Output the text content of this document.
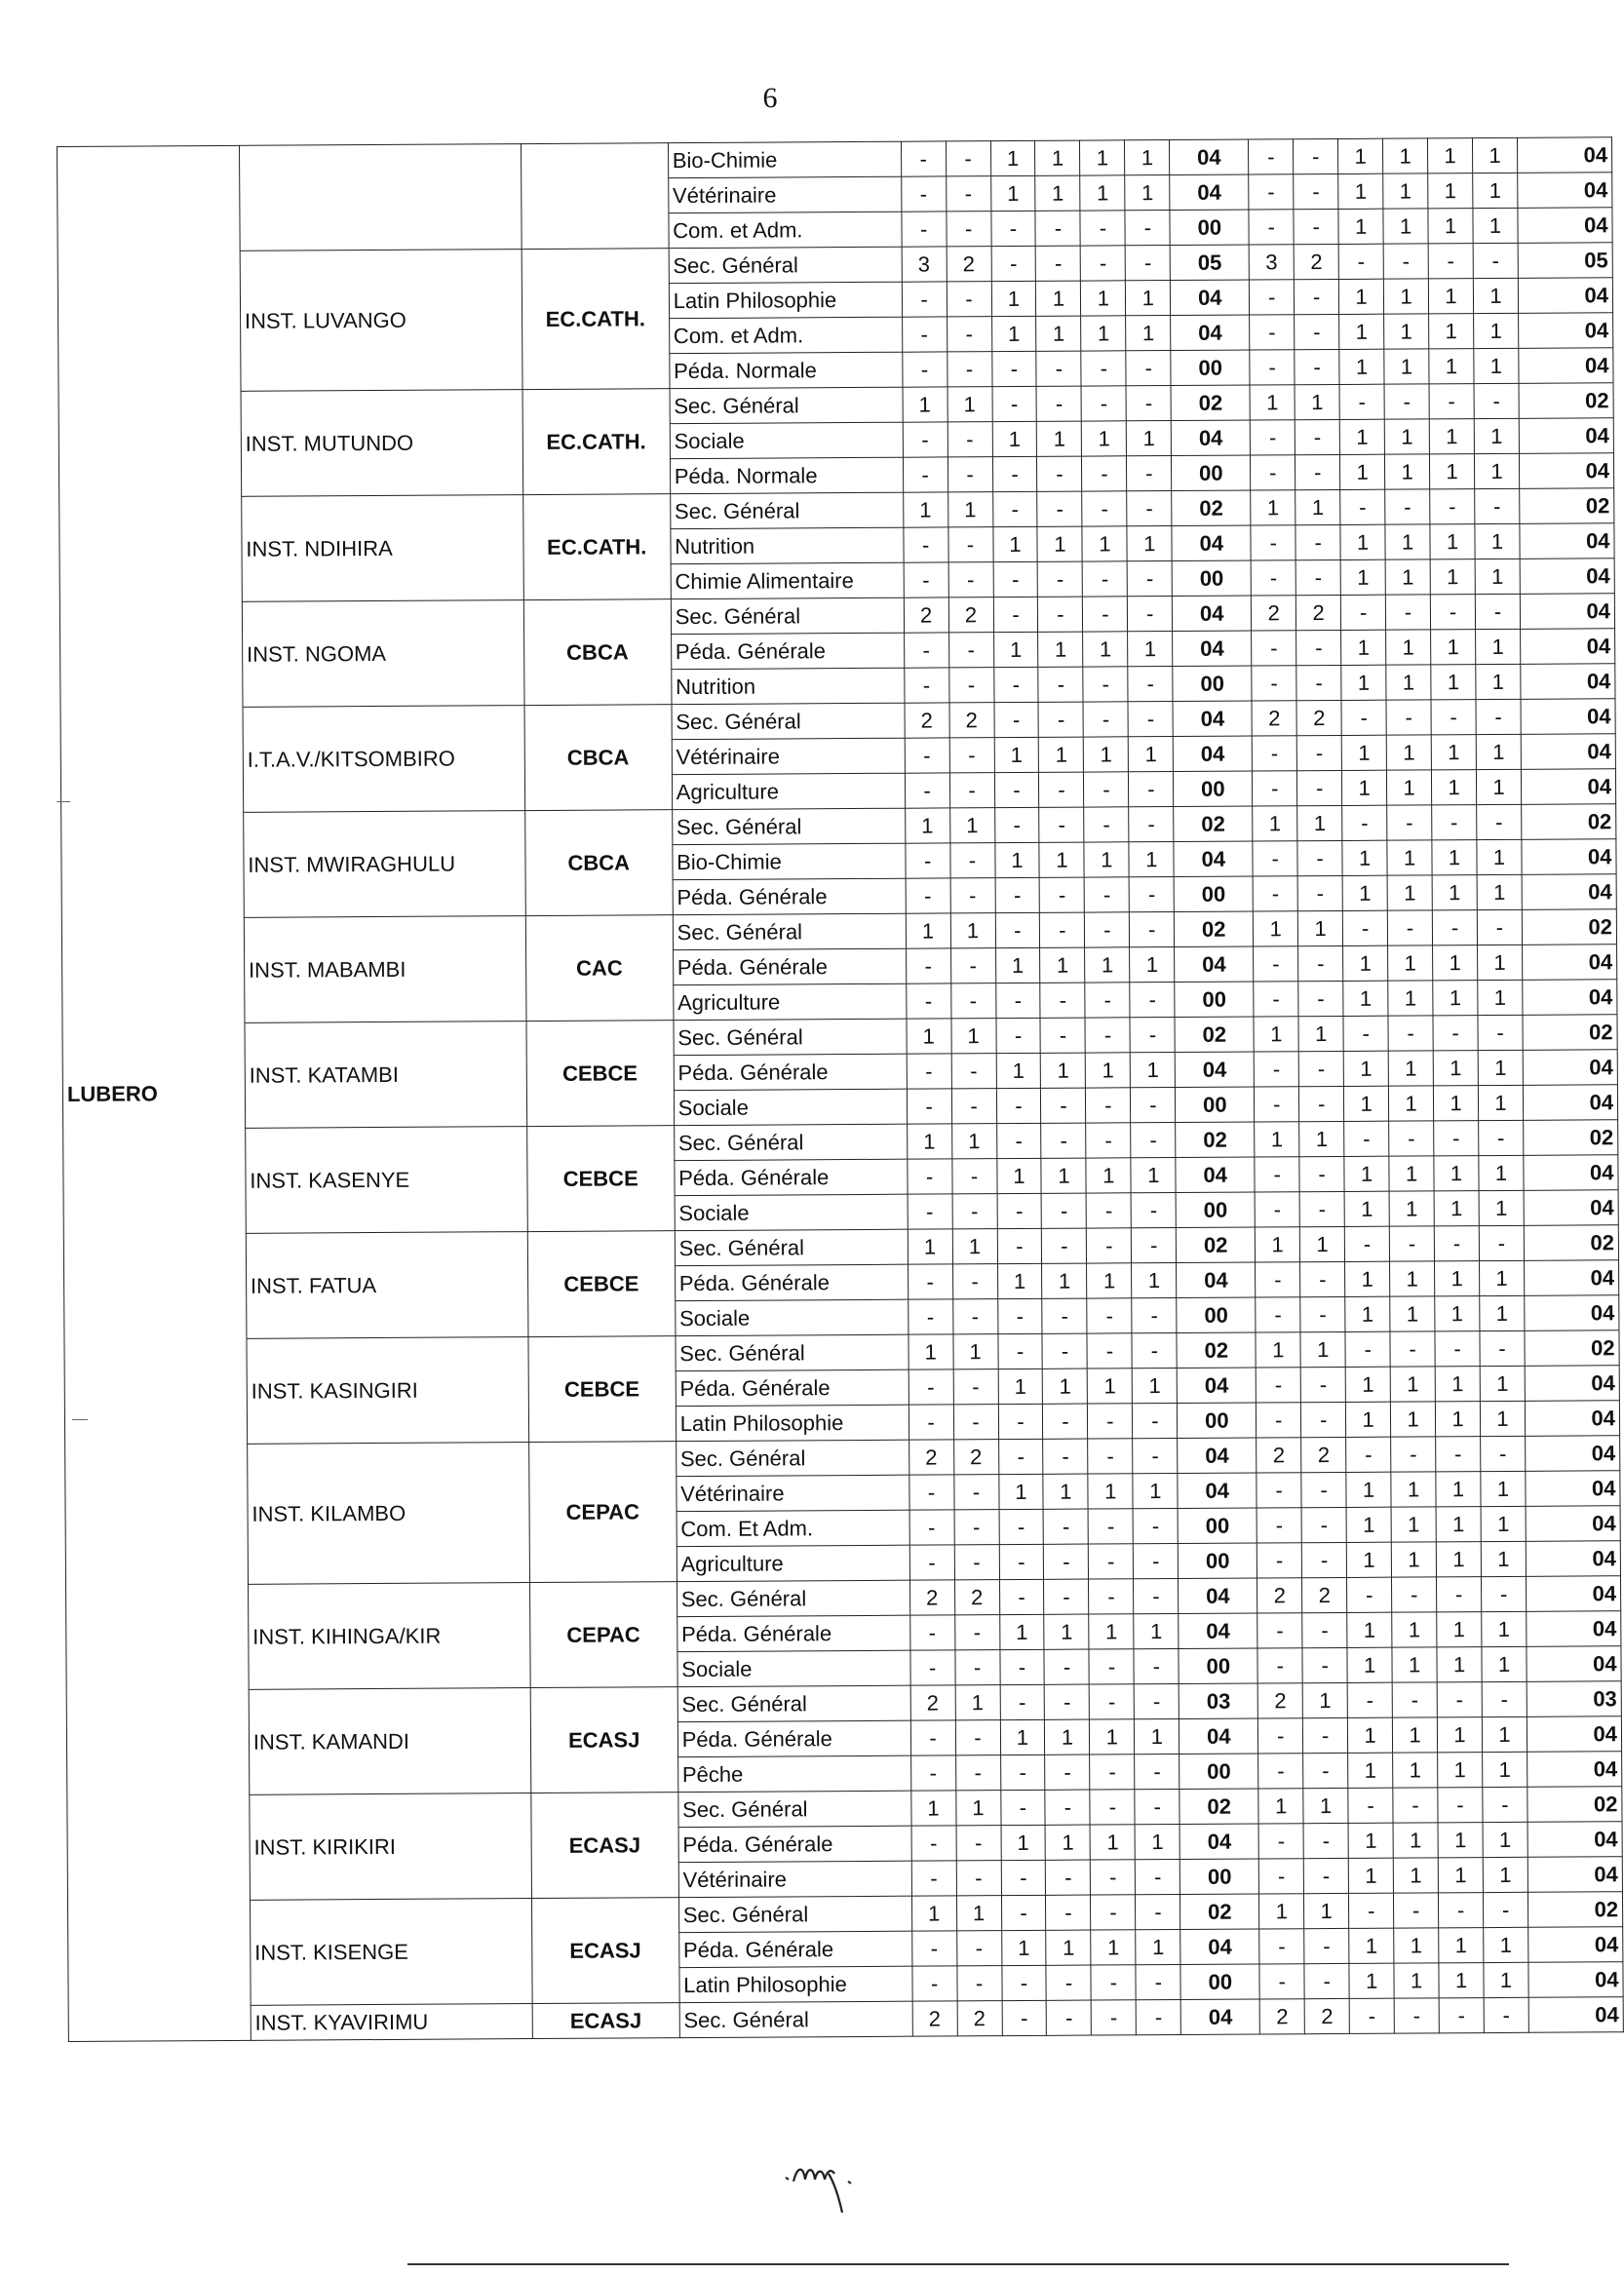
6
LUBERO			Bio-Chimie	-	-	1	1	1	1	04	-	-	1	1	1	1	04
			Vétérinaire	-	-	1	1	1	1	04	-	-	1	1	1	1	04
			Com. et Adm.	-	-	-	-	-	-	00	-	-	1	1	1	1	04
	INST. LUVANGO	EC.CATH.	Sec. Général	3	2	-	-	-	-	05	3	2	-	-	-	-	05
			Latin Philosophie	-	-	1	1	1	1	04	-	-	1	1	1	1	04
			Com. et Adm.	-	-	1	1	1	1	04	-	-	1	1	1	1	04
			Péda. Normale	-	-	-	-	-	-	00	-	-	1	1	1	1	04
	INST. MUTUNDO	EC.CATH.	Sec. Général	1	1	-	-	-	-	02	1	1	-	-	-	-	02
			Sociale	-	-	1	1	1	1	04	-	-	1	1	1	1	04
			Péda. Normale	-	-	-	-	-	-	00	-	-	1	1	1	1	04
	INST. NDIHIRA	EC.CATH.	Sec. Général	1	1	-	-	-	-	02	1	1	-	-	-	-	02
			Nutrition	-	-	1	1	1	1	04	-	-	1	1	1	1	04
			Chimie Alimentaire	-	-	-	-	-	-	00	-	-	1	1	1	1	04
	INST. NGOMA	CBCA	Sec. Général	2	2	-	-	-	-	04	2	2	-	-	-	-	04
			Péda. Générale	-	-	1	1	1	1	04	-	-	1	1	1	1	04
			Nutrition	-	-	-	-	-	-	00	-	-	1	1	1	1	04
	I.T.A.V./KITSOMBIRO	CBCA	Sec. Général	2	2	-	-	-	-	04	2	2	-	-	-	-	04
			Vétérinaire	-	-	1	1	1	1	04	-	-	1	1	1	1	04
			Agriculture	-	-	-	-	-	-	00	-	-	1	1	1	1	04
	INST. MWIRAGHULU	CBCA	Sec. Général	1	1	-	-	-	-	02	1	1	-	-	-	-	02
			Bio-Chimie	-	-	1	1	1	1	04	-	-	1	1	1	1	04
			Péda. Générale	-	-	-	-	-	-	00	-	-	1	1	1	1	04
	INST. MABAMBI	CAC	Sec. Général	1	1	-	-	-	-	02	1	1	-	-	-	-	02
			Péda. Générale	-	-	1	1	1	1	04	-	-	1	1	1	1	04
			Agriculture	-	-	-	-	-	-	00	-	-	1	1	1	1	04
	INST. KATAMBI	CEBCE	Sec. Général	1	1	-	-	-	-	02	1	1	-	-	-	-	02
			Péda. Générale	-	-	1	1	1	1	04	-	-	1	1	1	1	04
			Sociale	-	-	-	-	-	-	00	-	-	1	1	1	1	04
	INST. KASENYE	CEBCE	Sec. Général	1	1	-	-	-	-	02	1	1	-	-	-	-	02
			Péda. Générale	-	-	1	1	1	1	04	-	-	1	1	1	1	04
			Sociale	-	-	-	-	-	-	00	-	-	1	1	1	1	04
	INST. FATUA	CEBCE	Sec. Général	1	1	-	-	-	-	02	1	1	-	-	-	-	02
			Péda. Générale	-	-	1	1	1	1	04	-	-	1	1	1	1	04
			Sociale	-	-	-	-	-	-	00	-	-	1	1	1	1	04
	INST. KASINGIRI	CEBCE	Sec. Général	1	1	-	-	-	-	02	1	1	-	-	-	-	02
			Péda. Générale	-	-	1	1	1	1	04	-	-	1	1	1	1	04
			Latin Philosophie	-	-	-	-	-	-	00	-	-	1	1	1	1	04
	INST. KILAMBO	CEPAC	Sec. Général	2	2	-	-	-	-	04	2	2	-	-	-	-	04
			Vétérinaire	-	-	1	1	1	1	04	-	-	1	1	1	1	04
			Com. Et Adm.	-	-	-	-	-	-	00	-	-	1	1	1	1	04
			Agriculture	-	-	-	-	-	-	00	-	-	1	1	1	1	04
	INST. KIHINGA/KIR	CEPAC	Sec. Général	2	2	-	-	-	-	04	2	2	-	-	-	-	04
			Péda. Générale	-	-	1	1	1	1	04	-	-	1	1	1	1	04
			Sociale	-	-	-	-	-	-	00	-	-	1	1	1	1	04
	INST. KAMANDI	ECASJ	Sec. Général	2	1	-	-	-	-	03	2	1	-	-	-	-	03
			Péda. Générale	-	-	1	1	1	1	04	-	-	1	1	1	1	04
			Pêche	-	-	-	-	-	-	00	-	-	1	1	1	1	04
	INST. KIRIKIRI	ECASJ	Sec. Général	1	1	-	-	-	-	02	1	1	-	-	-	-	02
			Péda. Générale	-	-	1	1	1	1	04	-	-	1	1	1	1	04
			Vétérinaire	-	-	-	-	-	-	00	-	-	1	1	1	1	04
	INST. KISENGE	ECASJ	Sec. Général	1	1	-	-	-	-	02	1	1	-	-	-	-	02
			Péda. Générale	-	-	1	1	1	1	04	-	-	1	1	1	1	04
			Latin Philosophie	-	-	-	-	-	-	00	-	-	1	1	1	1	04
	INST. KYAVIRIMU	ECASJ	Sec. Général	2	2	-	-	-	-	04	2	2	-	-	-	-	04
